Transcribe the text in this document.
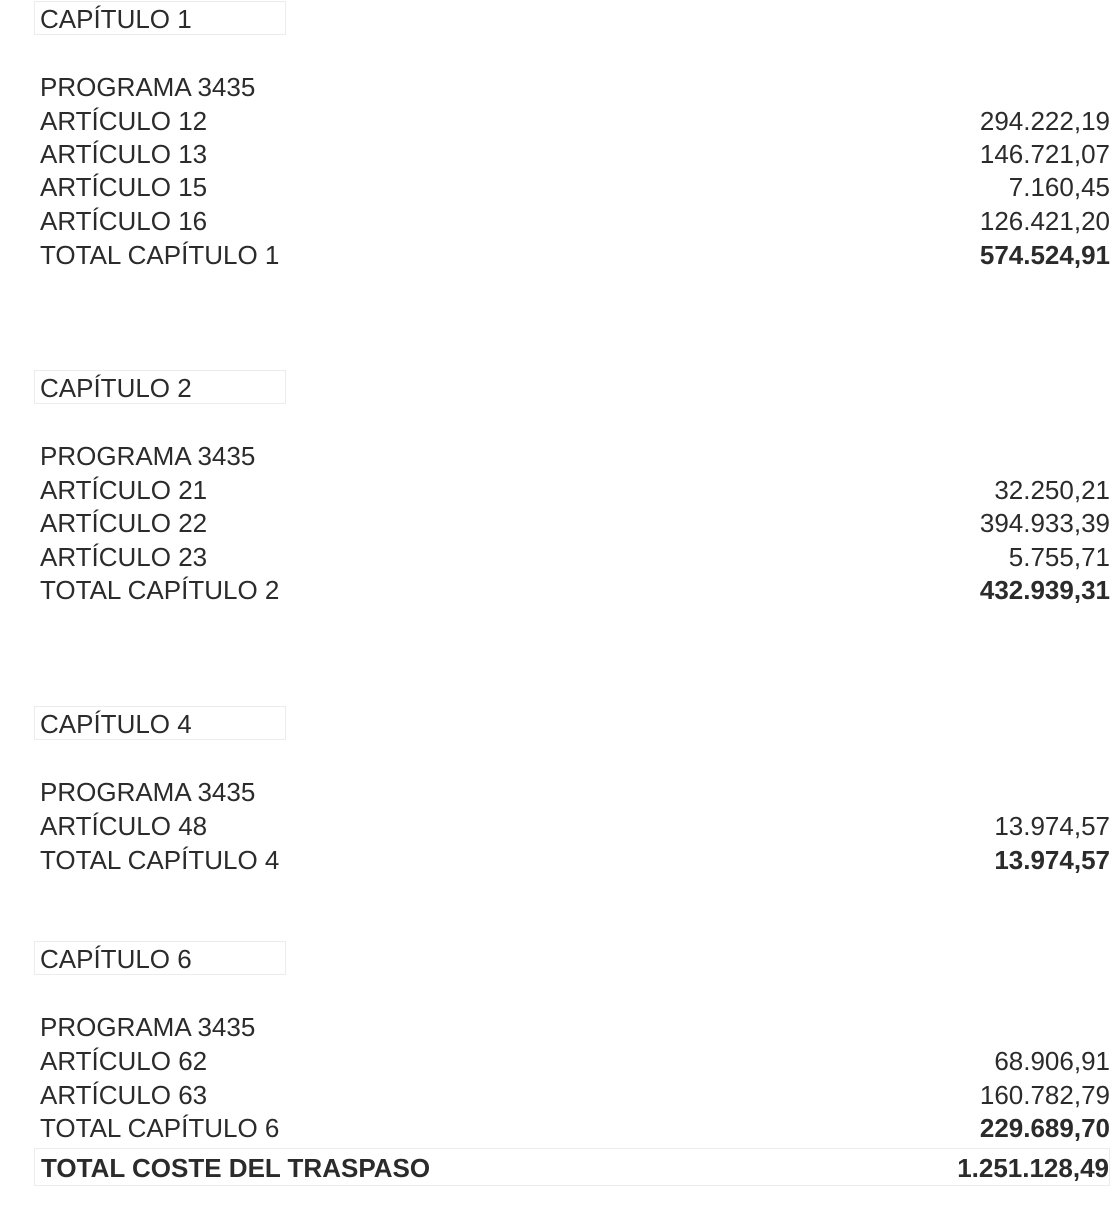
CAPÍTULO 1
PROGRAMA 3435
ARTÍCULO 12	294.222,19
ARTÍCULO 13	146.721,07
ARTÍCULO 15	7.160,45
ARTÍCULO 16	126.421,20
TOTAL CAPÍTULO 1	574.524,91
CAPÍTULO 2
PROGRAMA 3435
ARTÍCULO 21	32.250,21
ARTÍCULO 22	394.933,39
ARTÍCULO 23	5.755,71
TOTAL CAPÍTULO 2	432.939,31
CAPÍTULO 4
PROGRAMA 3435
ARTÍCULO 48	13.974,57
TOTAL CAPÍTULO 4	13.974,57
CAPÍTULO 6
PROGRAMA 3435
ARTÍCULO 62	68.906,91
ARTÍCULO 63	160.782,79
TOTAL CAPÍTULO 6	229.689,70
TOTAL COSTE DEL TRASPASO	1.251.128,49
